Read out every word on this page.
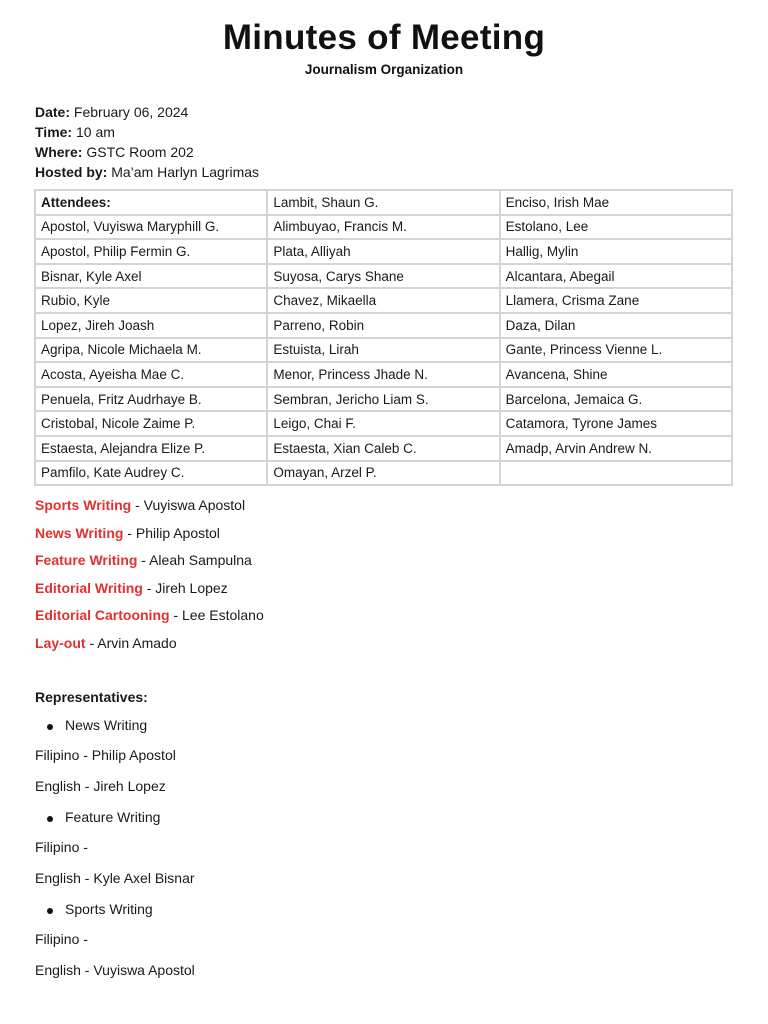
Minutes of Meeting
Journalism Organization
Date: February 06, 2024
Time: 10 am
Where: GSTC Room 202
Hosted by: Ma’am Harlyn Lagrimas
Attendees:	Lambit, Shaun G.	Enciso, Irish Mae
Apostol, Vuyiswa Maryphill G.	Alimbuyao, Francis M.	Estolano, Lee
Apostol, Philip Fermin G.	Plata, Alliyah	Hallig, Mylin
Bisnar, Kyle Axel	Suyosa, Carys Shane	Alcantara, Abegail
Rubio, Kyle	Chavez, Mikaella	Llamera, Crisma Zane
Lopez, Jireh Joash	Parreno, Robin	Daza, Dilan
Agripa, Nicole Michaela M.	Estuista, Lirah	Gante, Princess Vienne L.
Acosta, Ayeisha Mae C.	Menor, Princess Jhade N.	Avancena, Shine
Penuela, Fritz Audrhaye B.	Sembran, Jericho Liam S.	Barcelona, Jemaica G.
Cristobal, Nicole Zaime P.	Leigo, Chai F.	Catamora, Tyrone James
Estaesta, Alejandra Elize P.	Estaesta, Xian Caleb C.	Amadp, Arvin Andrew N.
Pamfilo, Kate Audrey C.	Omayan, Arzel P.	
Sports Writing - Vuyiswa Apostol
News Writing - Philip Apostol
Feature Writing - Aleah Sampulna
Editorial Writing - Jireh Lopez
Editorial Cartooning - Lee Estolano
Lay-out - Arvin Amado
Representatives:
News Writing
Filipino - Philip Apostol
English - Jireh Lopez
Feature Writing
Filipino -
English - Kyle Axel Bisnar
Sports Writing
Filipino -
English - Vuyiswa Apostol
